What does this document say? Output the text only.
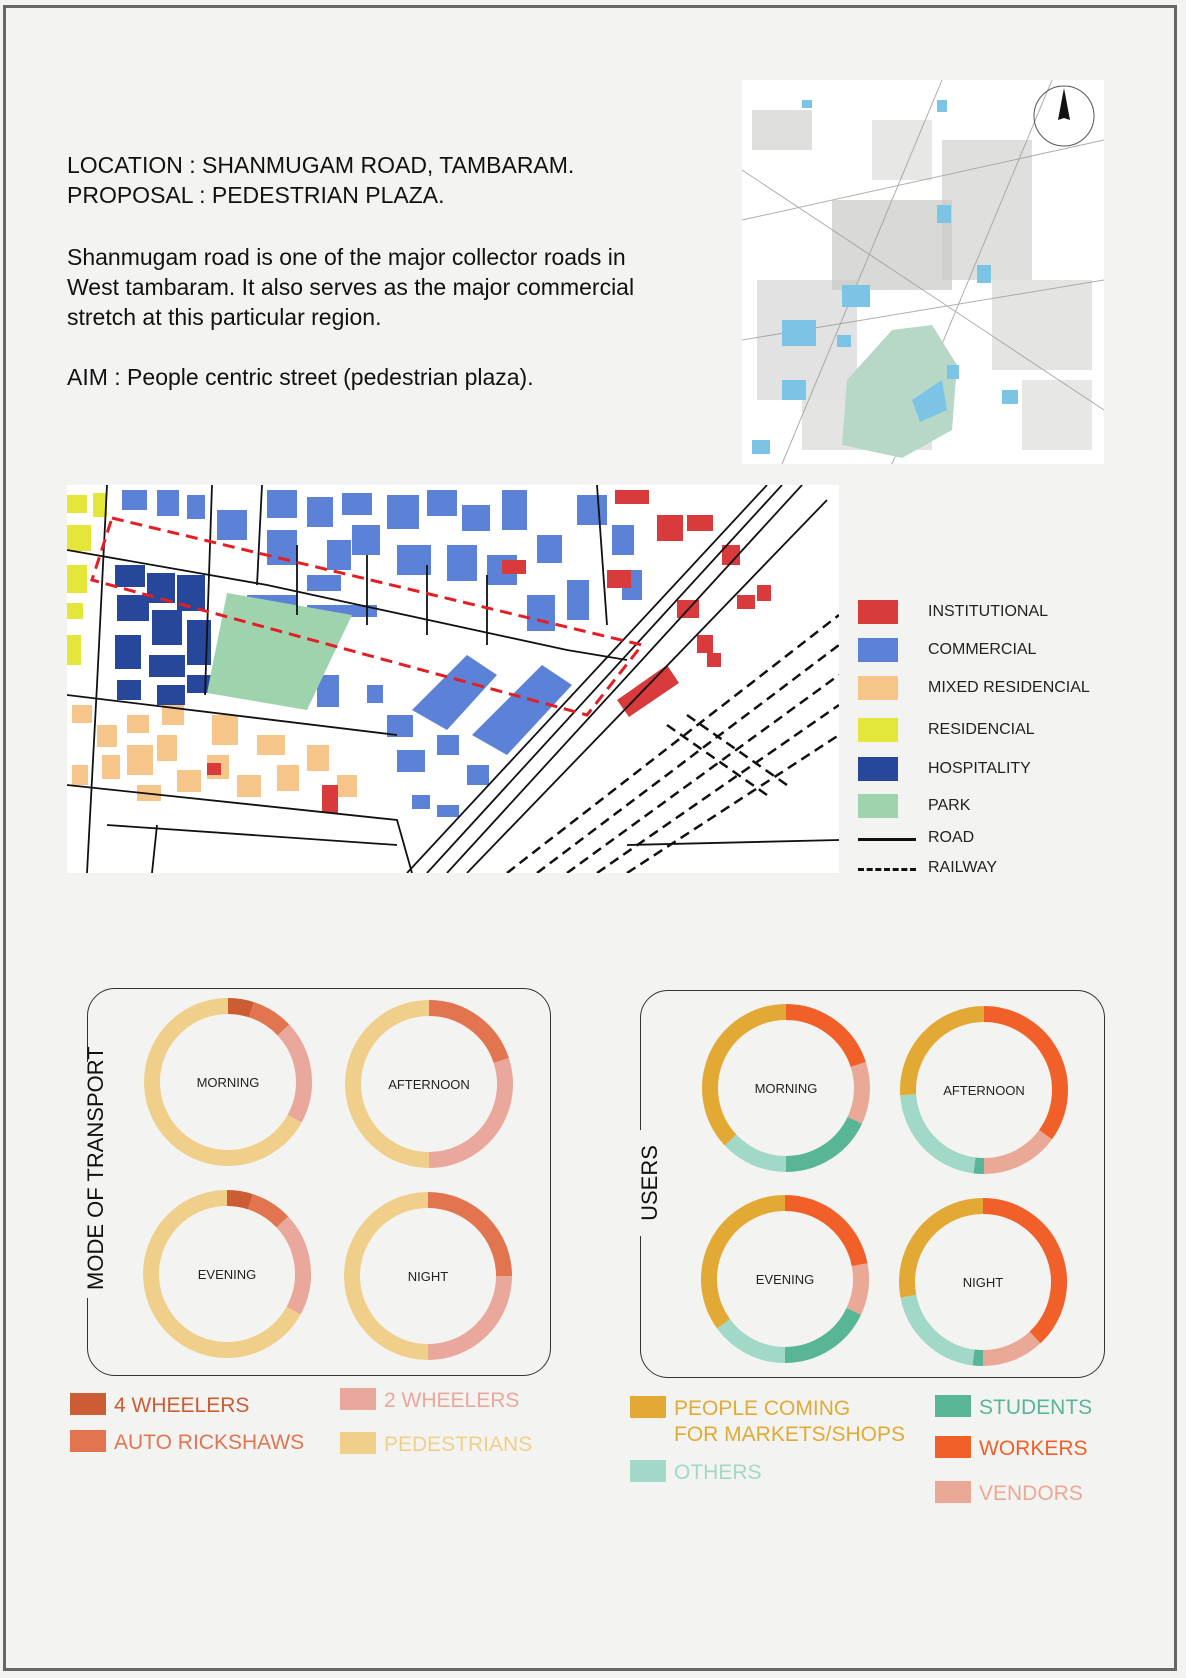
LOCATION : SHANMUGAM ROAD, TAMBARAM.

PROPOSAL : PEDESTRIAN PLAZA.

Shanmugam road is one of the major collector roads in

West tambaram. It also serves as the major commercial

stretch at this particular region.

AIM : People centric street (pedestrian plaza).

INSTITUTIONAL
COMMERCIAL
MIXED RESIDENCIAL
RESIDENCIAL
HOSPITALITY
PARK
ROAD
RAILWAY
MODE OF TRANSPORT	USERS
MORNING	AFTERNOON
EVENING	NIGHT
MORNING	AFTERNOON
EVENING	NIGHT
4 WHEELERS
AUTO RICKSHAWS
2 WHEELERS
PEDESTRIANS
PEOPLE COMING
FOR MARKETS/SHOPS
OTHERS
STUDENTS
WORKERS
VENDORS
